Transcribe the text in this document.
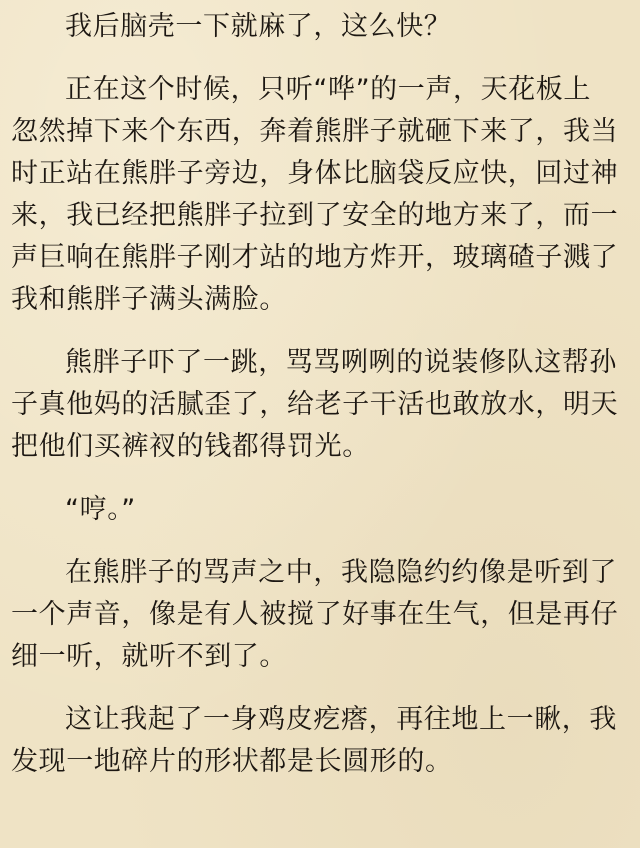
我后脑壳一下就麻了，这么快？
正在这个时候，只听“哗”的一声，天花板上
忽然掉下来个东西，奔着熊胖子就砸下来了，我当
时正站在熊胖子旁边，身体比脑袋反应快，回过神
来，我已经把熊胖子拉到了安全的地方来了，而一
声巨响在熊胖子刚才站的地方炸开，玻璃碴子溅了
我和熊胖子满头满脸。
熊胖子吓了一跳，骂骂咧咧的说装修队这帮孙
子真他妈的活腻歪了，给老子干活也敢放水，明天
把他们买裤衩的钱都得罚光。
“哼。”
在熊胖子的骂声之中，我隐隐约约像是听到了
一个声音，像是有人被搅了好事在生气，但是再仔
细一听，就听不到了。
这让我起了一身鸡皮疙瘩，再往地上一瞅，我
发现一地碎片的形状都是长圆形的。
